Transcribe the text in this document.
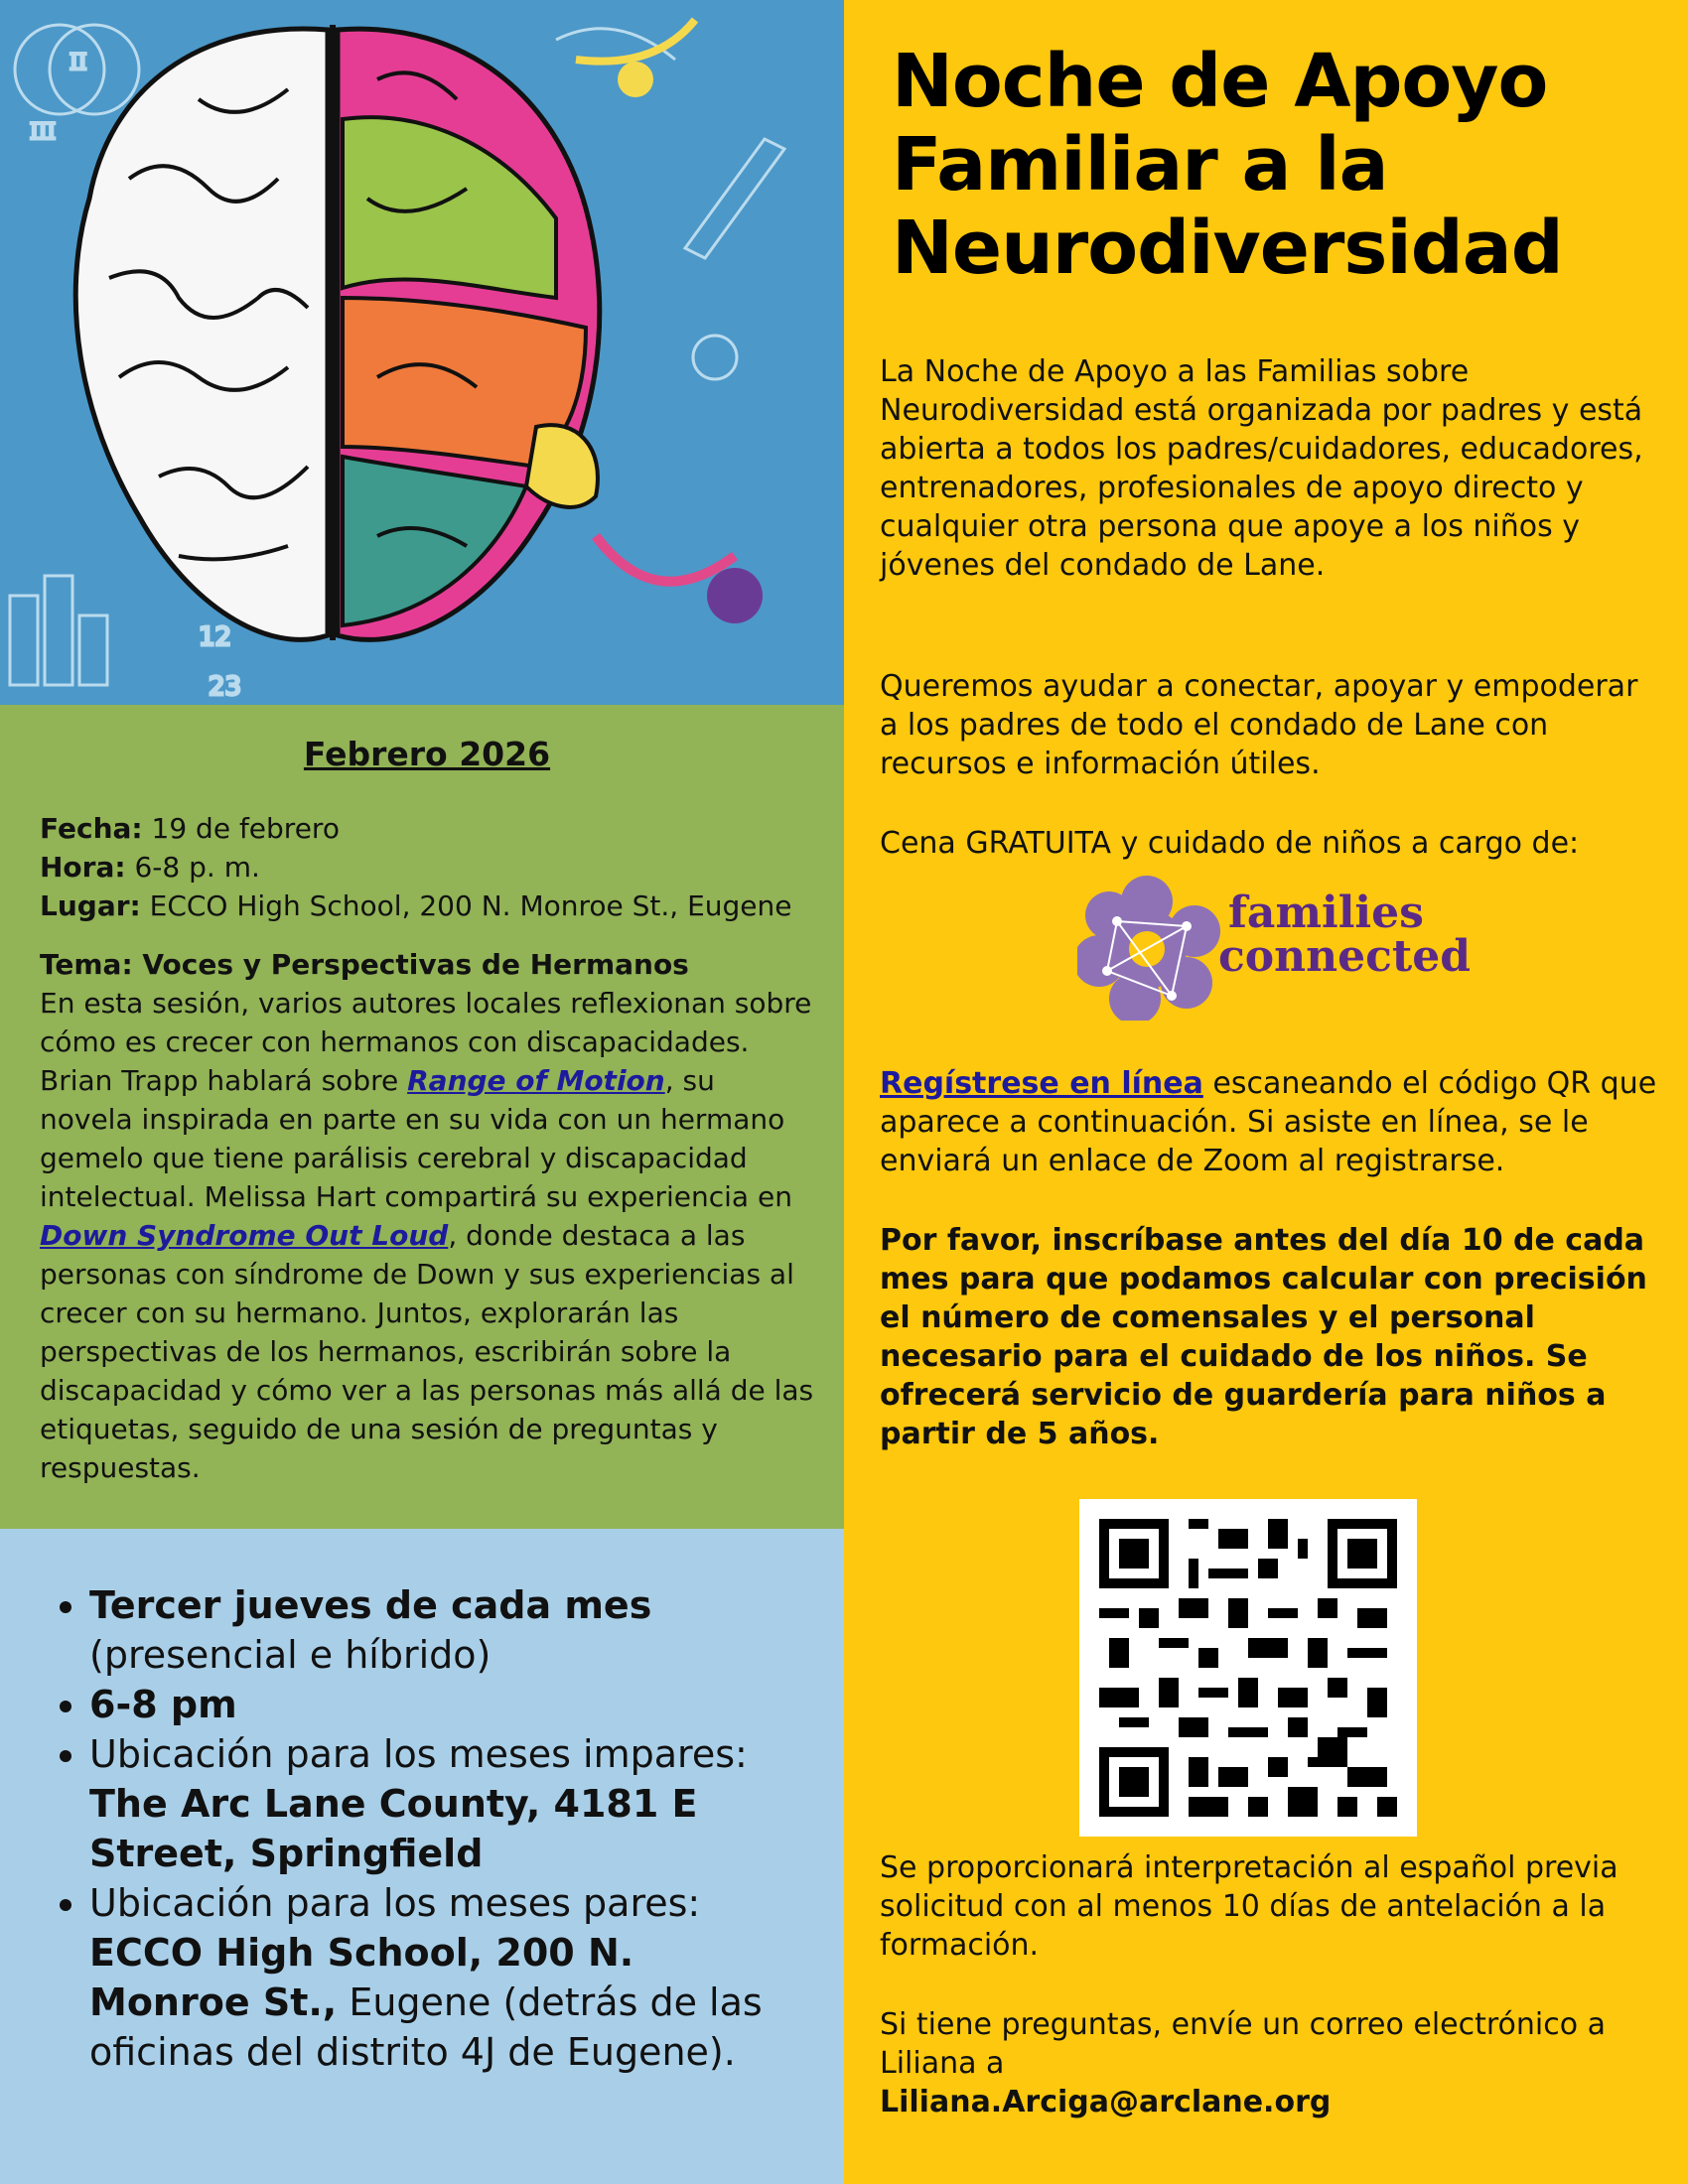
II
III
12
23
Febrero 2026
Fecha: 19 de febrero
Hora: 6-8 p. m.
Lugar: ECCO High School, 200 N. Monroe St., Eugene
Tema: Voces y Perspectivas de Hermanos
En esta sesión, varios autores locales reflexionan sobre cómo es crecer con hermanos con discapacidades. Brian Trapp hablará sobre Range of Motion, su novela inspirada en parte en su vida con un hermano gemelo que tiene parálisis cerebral y discapacidad intelectual. Melissa Hart compartirá su experiencia en Down Syndrome Out Loud, donde destaca a las personas con síndrome de Down y sus experiencias al crecer con su hermano. Juntos, explorarán las perspectivas de los hermanos, escribirán sobre la discapacidad y cómo ver a las personas más allá de las etiquetas, seguido de una sesión de preguntas y respuestas.
• Tercer jueves de cada mes
(presencial e híbrido)
• 6-8 pm
• Ubicación para los meses impares: The Arc Lane County, 4181 E Street, Springfield
• Ubicación para los meses pares: ECCO High School, 200 N. Monroe St., Eugene (detrás de las oficinas del distrito 4J de Eugene).
Noche de Apoyo Familiar a la Neurodiversidad
La Noche de Apoyo a las Familias sobre Neurodiversidad está organizada por padres y está abierta a todos los padres/cuidadores, educadores, entrenadores, profesionales de apoyo directo y cualquier otra persona que apoye a los niños y jóvenes del condado de Lane.
Queremos ayudar a conectar, apoyar y empoderar a los padres de todo el condado de Lane con recursos e información útiles.
Cena GRATUITA y cuidado de niños a cargo de:
families
connected
Regístrese en línea escaneando el código QR que aparece a continuación. Si asiste en línea, se le enviará un enlace de Zoom al registrarse.
Por favor, inscríbase antes del día 10 de cada mes para que podamos calcular con precisión el número de comensales y el personal necesario para el cuidado de los niños. Se ofrecerá servicio de guardería para niños a partir de 5 años.
Se proporcionará interpretación al español previa solicitud con al menos 10 días de antelación a la formación.
Si tiene preguntas, envíe un correo electrónico a Liliana a
Liliana.Arciga@arclane.org
